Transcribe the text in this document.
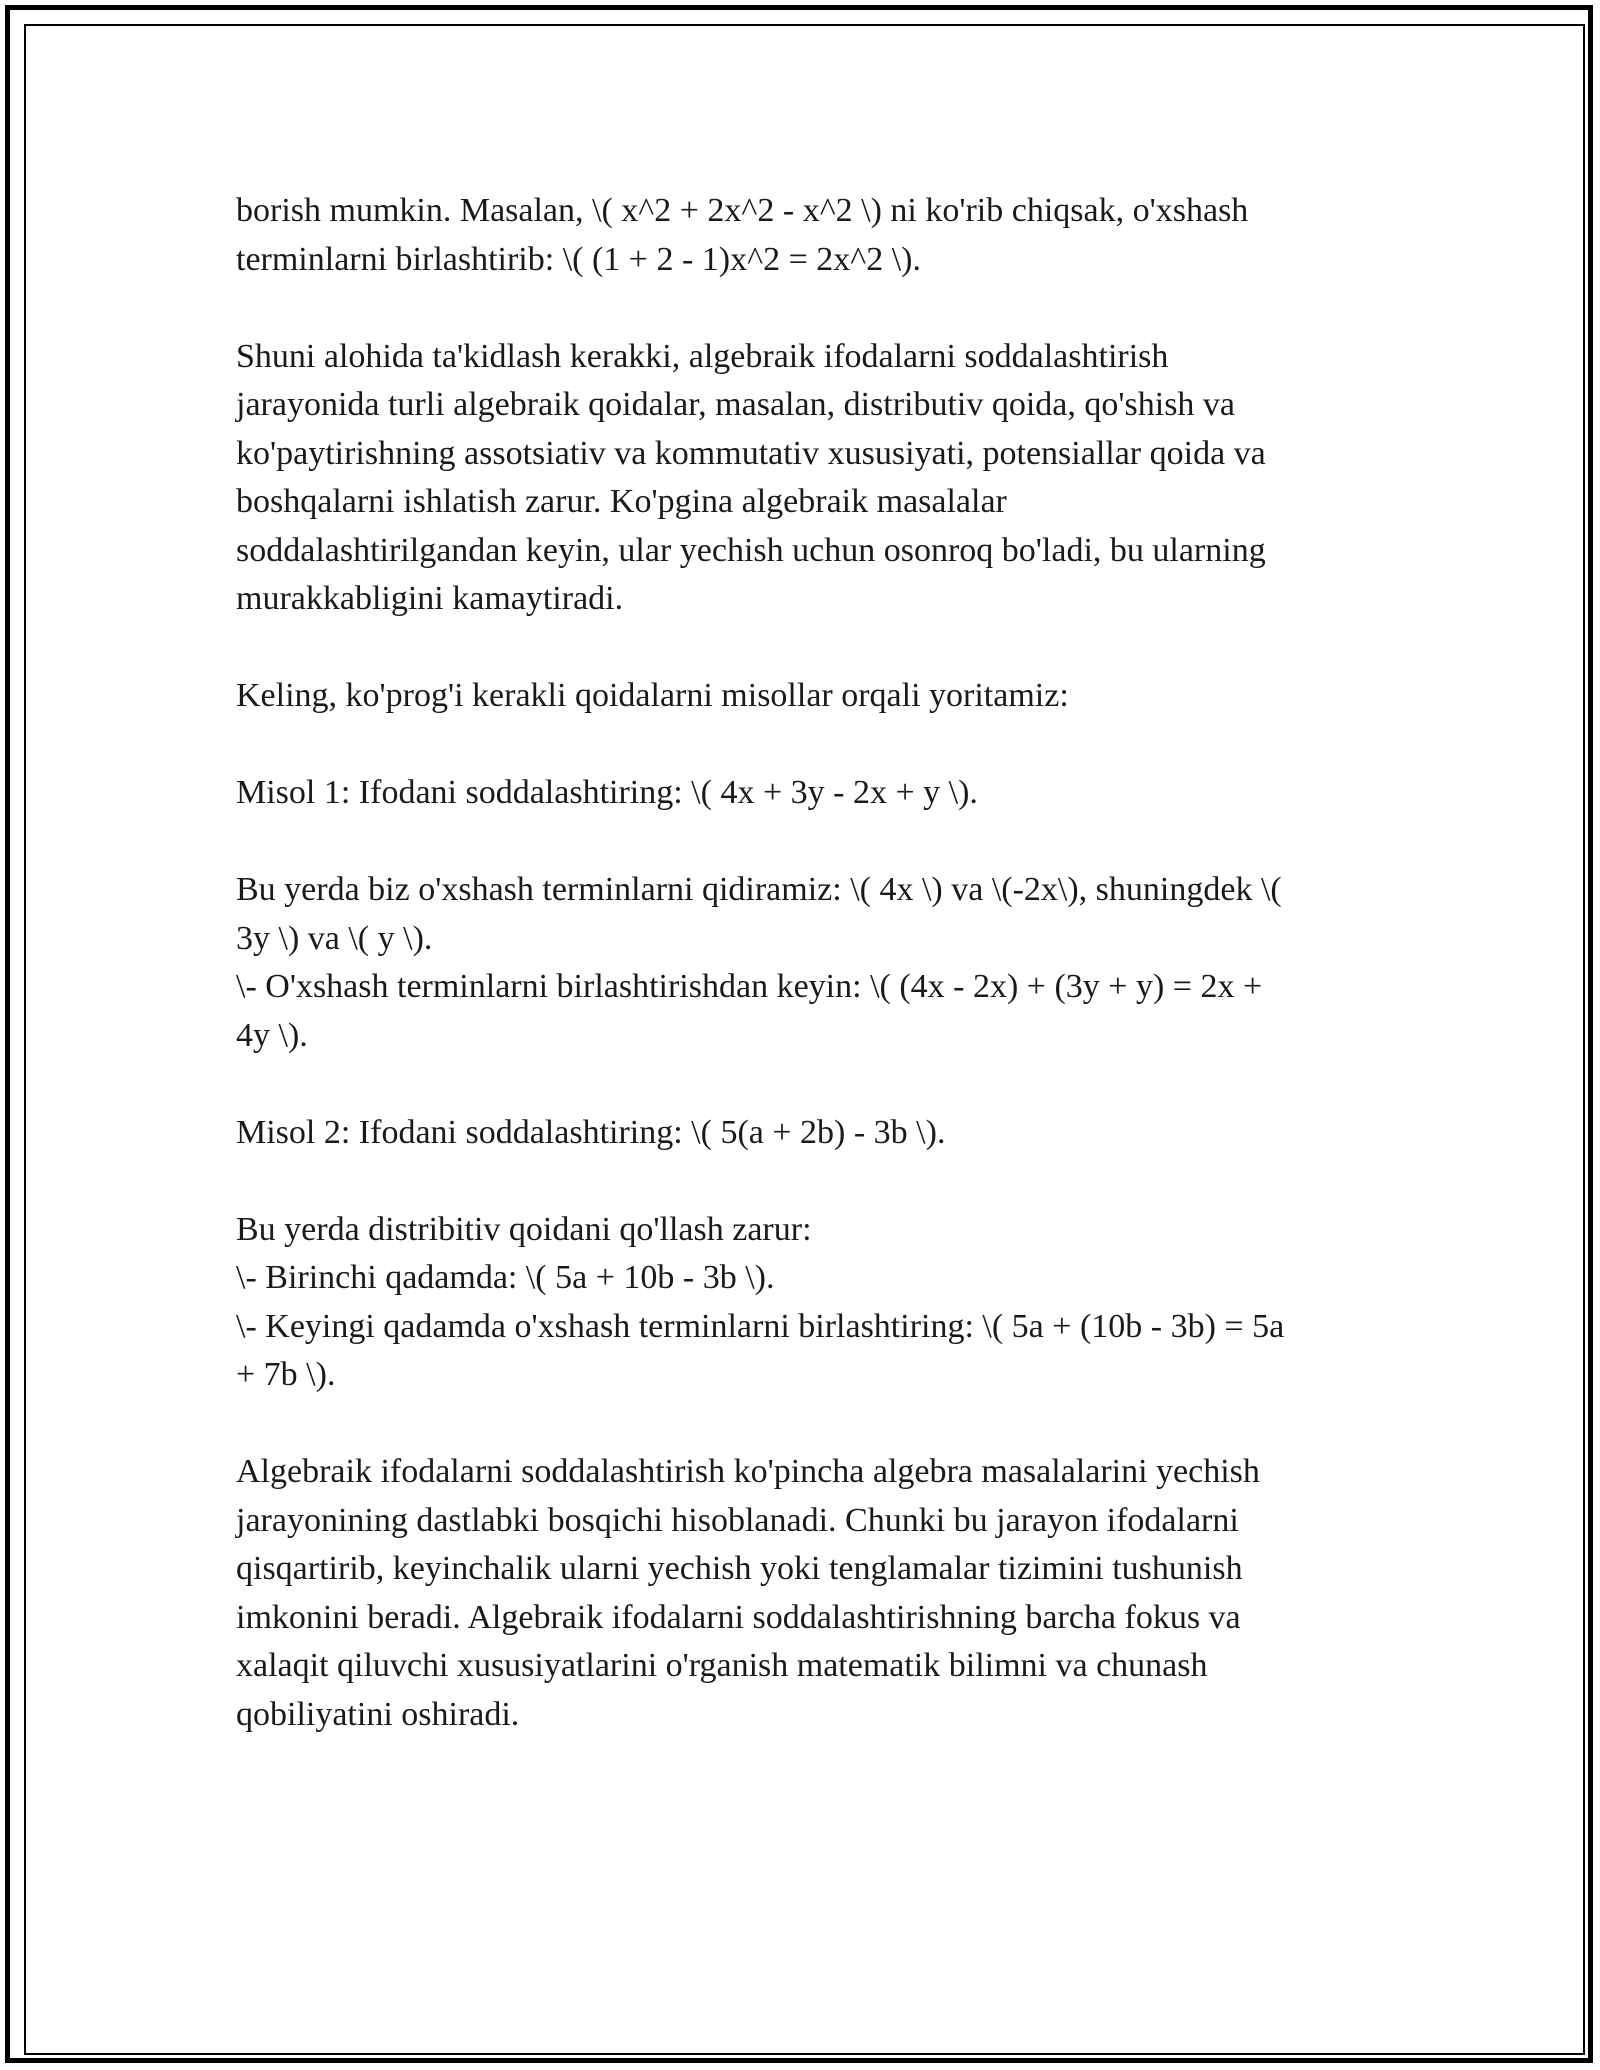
borish mumkin. Masalan, \( x^2 + 2x^2 - x^2 \) ni ko'rib chiqsak, o'xshash
terminlarni birlashtirib: \( (1 + 2 - 1)x^2 = 2x^2 \).

Shuni alohida ta'kidlash kerakki, algebraik ifodalarni soddalashtirish
jarayonida turli algebraik qoidalar, masalan, distributiv qoida, qo'shish va
ko'paytirishning assotsiativ va kommutativ xususiyati, potensiallar qoida va
boshqalarni ishlatish zarur. Ko'pgina algebraik masalalar
soddalashtirilgandan keyin, ular yechish uchun osonroq bo'ladi, bu ularning
murakkabligini kamaytiradi.

Keling, ko'prog'i kerakli qoidalarni misollar orqali yoritamiz:

Misol 1: Ifodani soddalashtiring: \( 4x + 3y - 2x + y \).

Bu yerda biz o'xshash terminlarni qidiramiz: \( 4x \) va \(-2x\), shuningdek \(
3y \) va \( y \).
\- O'xshash terminlarni birlashtirishdan keyin: \( (4x - 2x) + (3y + y) = 2x +
4y \).

Misol 2: Ifodani soddalashtiring: \( 5(a + 2b) - 3b \).

Bu yerda distribitiv qoidani qo'llash zarur:
\- Birinchi qadamda: \( 5a + 10b - 3b \).
\- Keyingi qadamda o'xshash terminlarni birlashtiring: \( 5a + (10b - 3b) = 5a
+ 7b \).

Algebraik ifodalarni soddalashtirish ko'pincha algebra masalalarini yechish
jarayonining dastlabki bosqichi hisoblanadi. Chunki bu jarayon ifodalarni
qisqartirib, keyinchalik ularni yechish yoki tenglamalar tizimini tushunish
imkonini beradi. Algebraik ifodalarni soddalashtirishning barcha fokus va
xalaqit qiluvchi xususiyatlarini o'rganish matematik bilimni va chunash
qobiliyatini oshiradi.
